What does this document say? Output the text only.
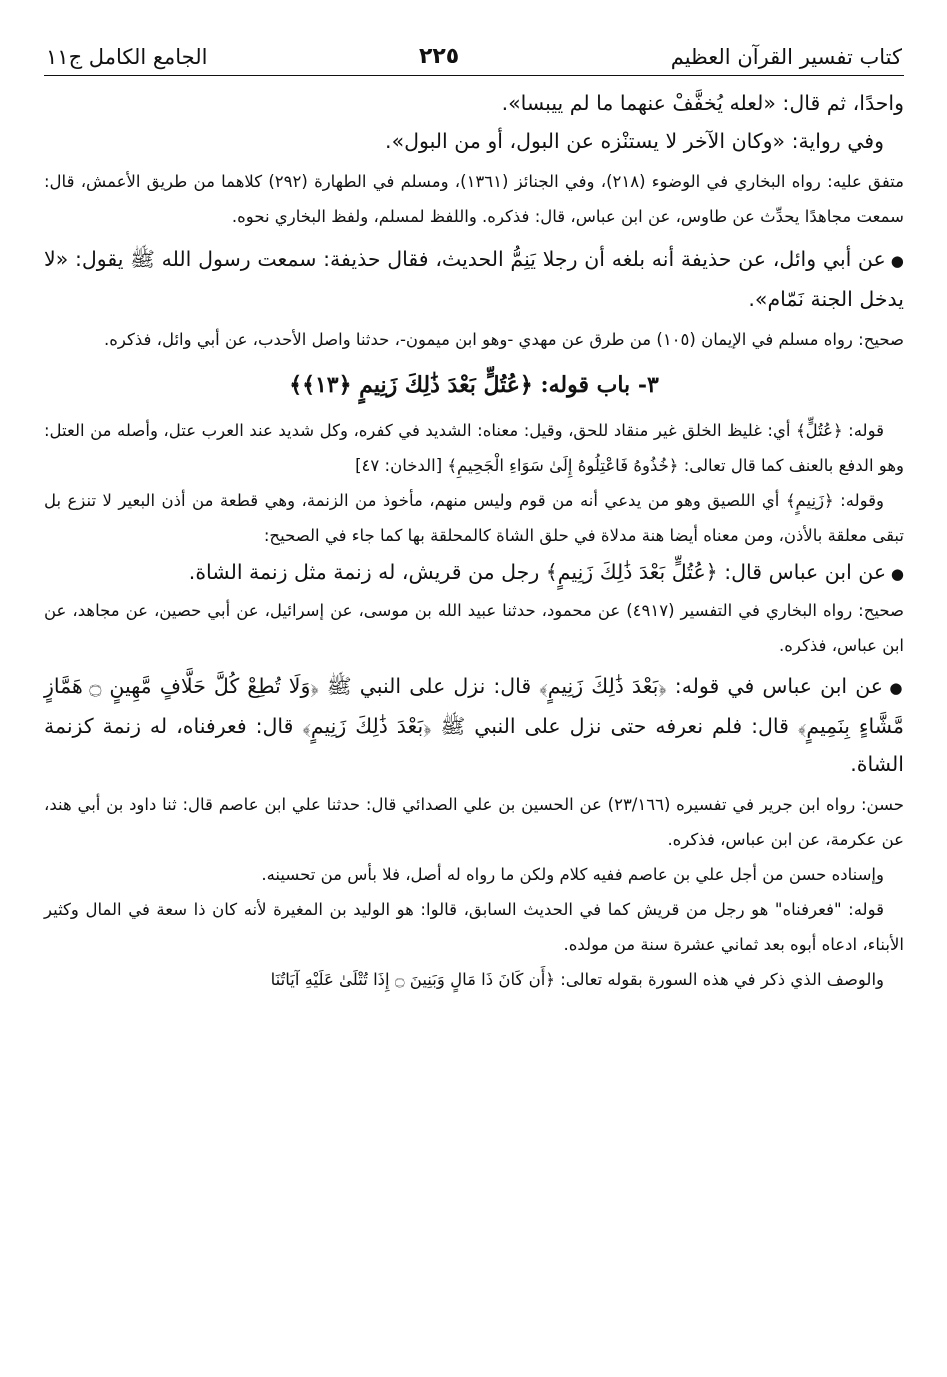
كتاب تفسير القرآن العظيم
٢٢٥
الجامع الكامل ج١١

واحدًا، ثم قال: «لعله يُخفَّفْ عنهما ما لم ييبسا».

وفي رواية: «وكان الآخر لا يستنْزه عن البول، أو من البول».

متفق عليه: رواه البخاري في الوضوء (٢١٨)، وفي الجنائز (١٣٦١)، ومسلم في الطهارة (٢٩٢) كلاهما من طريق الأعمش، قال: سمعت مجاهدًا يحدِّث عن طاوس، عن ابن عباس، قال: فذكره. واللفظ لمسلم، ولفظ البخاري نحوه.

● عن أبي وائل، عن حذيفة أنه بلغه أن رجلا يَنِمُّ الحديث، فقال حذيفة: سمعت رسول الله ﷺ يقول: «لا يدخل الجنة نَمّام».

صحيح: رواه مسلم في الإيمان (١٠٥) من طرق عن مهدي -وهو ابن ميمون-، حدثنا واصل الأحدب، عن أبي وائل، فذكره.

٣- باب قوله: ﴿عُتُلٍّ بَعْدَ ذَٰلِكَ زَنِيمٍ ﴿١٣﴾﴾

قوله: ﴿عُتُلٍّ﴾ أي: غليظ الخلق غير منقاد للحق، وقيل: معناه: الشديد في كفره، وكل شديد عند العرب عتل، وأصله من العتل: وهو الدفع بالعنف كما قال تعالى: ﴿خُذُوهُ فَاعْتِلُوهُ إِلَىٰ سَوَاءِ الْجَحِيمِ﴾ [الدخان: ٤٧]

وقوله: ﴿زَنِيمٍ﴾ أي اللصيق وهو من يدعي أنه من قوم وليس منهم، مأخوذ من الزنمة، وهي قطعة من أذن البعير لا تنزع بل تبقى معلقة بالأذن، ومن معناه أيضا هنة مدلاة في حلق الشاة كالمحلقة بها كما جاء في الصحيح:

● عن ابن عباس قال: ﴿عُتُلٍّ بَعْدَ ذَٰلِكَ زَنِيمٍ﴾ رجل من قريش، له زنمة مثل زنمة الشاة.

صحيح: رواه البخاري في التفسير (٤٩١٧) عن محمود، حدثنا عبيد الله بن موسى، عن إسرائيل، عن أبي حصين، عن مجاهد، عن ابن عباس، فذكره.

● عن ابن عباس في قوله: ﴿بَعْدَ ذَٰلِكَ زَنِيمٍ﴾ قال: نزل على النبي ﷺ ﴿وَلَا تُطِعْ كُلَّ حَلَّافٍ مَّهِينٍ ۝ هَمَّازٍ مَّشَّاءٍ بِنَمِيمٍ﴾ قال: فلم نعرفه حتى نزل على النبي ﷺ ﴿بَعْدَ ذَٰلِكَ زَنِيمٍ﴾ قال: فعرفناه، له زنمة كزنمة الشاة.

حسن: رواه ابن جرير في تفسيره (٢٣/١٦٦) عن الحسين بن علي الصدائي قال: حدثنا علي ابن عاصم قال: ثنا داود بن أبي هند، عن عكرمة، عن ابن عباس، فذكره.

وإسناده حسن من أجل علي بن عاصم ففيه كلام ولكن ما رواه له أصل، فلا بأس من تحسينه.

قوله: "فعرفناه" هو رجل من قريش كما في الحديث السابق، قالوا: هو الوليد بن المغيرة لأنه كان ذا سعة في المال وكثير الأبناء، ادعاه أبوه بعد ثماني عشرة سنة من مولده.

والوصف الذي ذكر في هذه السورة بقوله تعالى: ﴿أَن كَانَ ذَا مَالٍ وَبَنِينَ ۝ إِذَا تُتْلَىٰ عَلَيْهِ آيَاتُنَا
